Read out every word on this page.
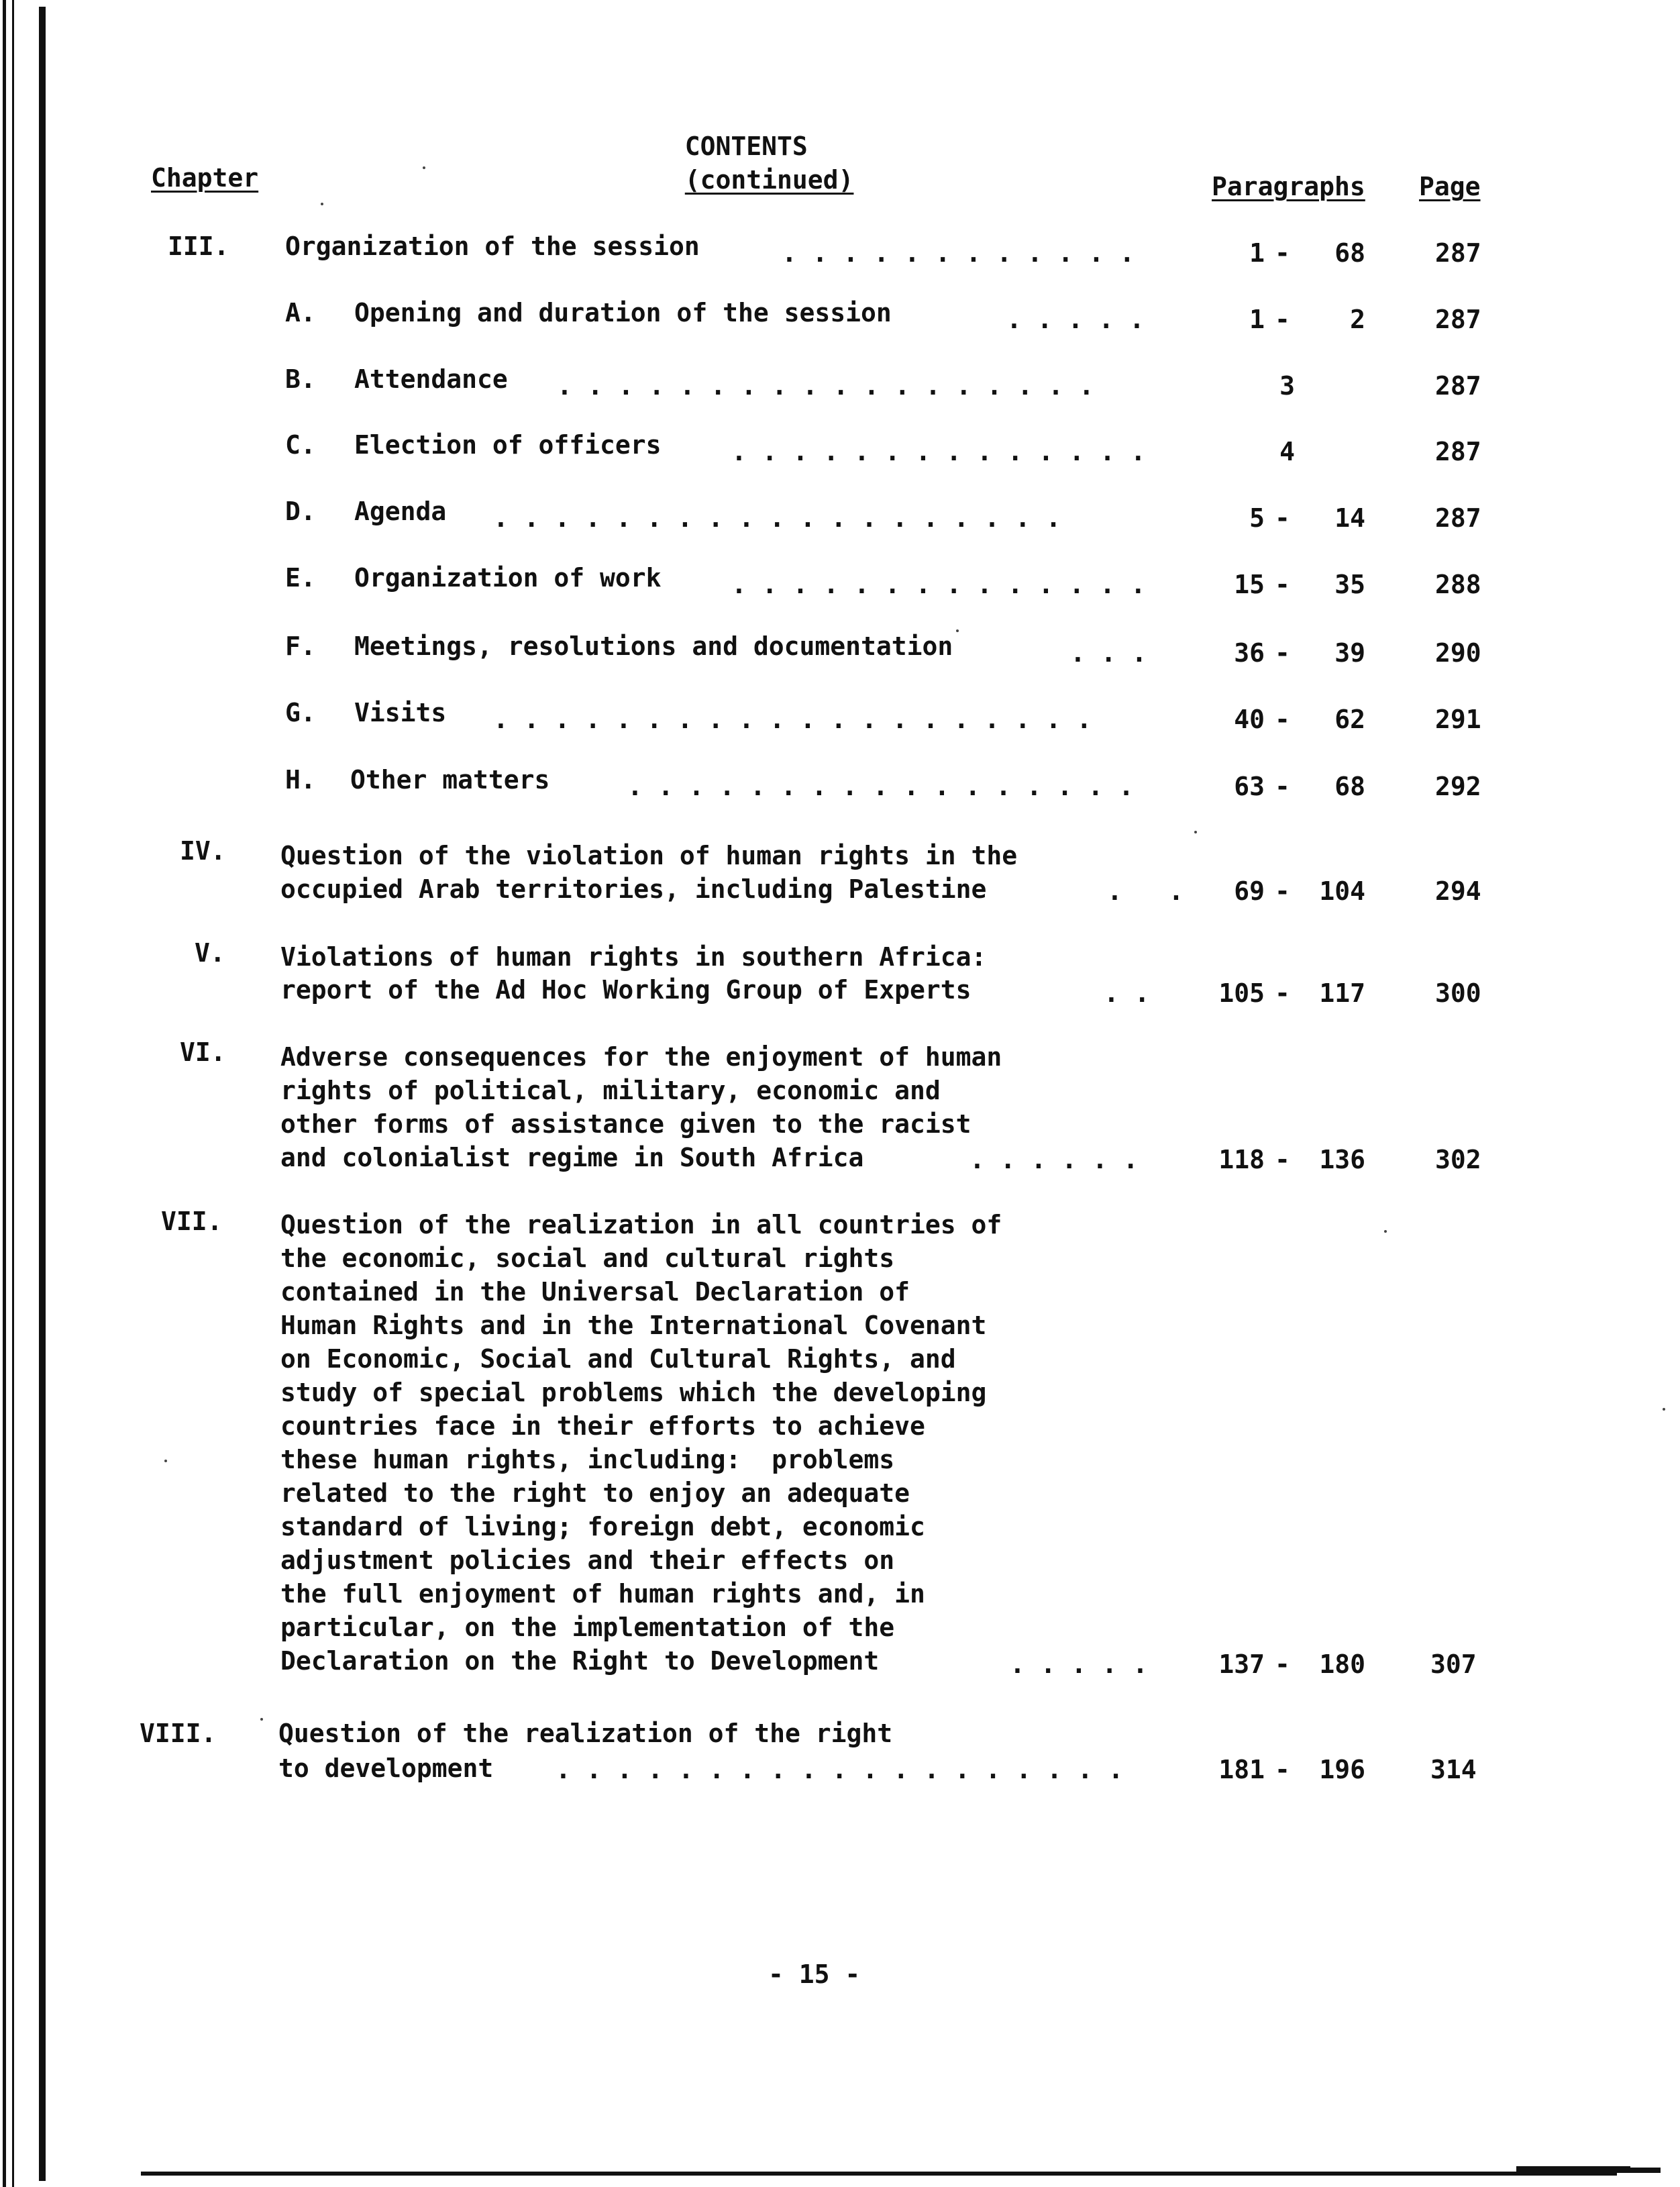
CONTENTS
(continued)

Chapter	Paragraphs Page
III. Organization of the session	. . . . . . . . . . . .	1 -	68	287
A. Opening and duration of the session	. . . . .	1 -	2	287
B. Attendance . . . . . . . . . . . . . . . . . .	3	287
C. Election of officers	. . . . . . . . . . . . . .	4	287
D. Agenda . . . . . . . . . . . . . . . . . . .	5 -	14	287
E. Organization of work	. . . . . . . . . . . . . .	15 -	35	288
F. Meetings, resolutions and documentation	. . .	36 -	39	290
G. Visits . . . . . . . . . . . . . . . . . . . .	40 -	62	291
H. Other matters	. . . . . . . . . . . . . . . . .	63 -	68	292
IV. Question of the violation of human rights in the
occupied Arab territories, including Palestine	.   .	69 -	104	294
V. Violations of human rights in southern Africa:
report of the Ad Hoc Working Group of Experts	. .	105 -	117	300
VI. Adverse consequences for the enjoyment of human
rights of political, military, economic and
other forms of assistance given to the racist
and colonialist regime in South Africa	. . . . . .	118 -	136	302
VII. Question of the realization in all countries of
the economic, social and cultural rights
contained in the Universal Declaration of
Human Rights and in the International Covenant
on Economic, Social and Cultural Rights, and
study of special problems which the developing
countries face in their efforts to achieve
these human rights, including:  problems
related to the right to enjoy an adequate
standard of living; foreign debt, economic
adjustment policies and their effects on
the full enjoyment of human rights and, in
particular, on the implementation of the
Declaration on the Right to Development	. . . . .	137 -	180	307
VIII. Question of the realization of the right
to development . . . . . . . . . . . . . . . . . . .	181 -	196	314
- 15 -
